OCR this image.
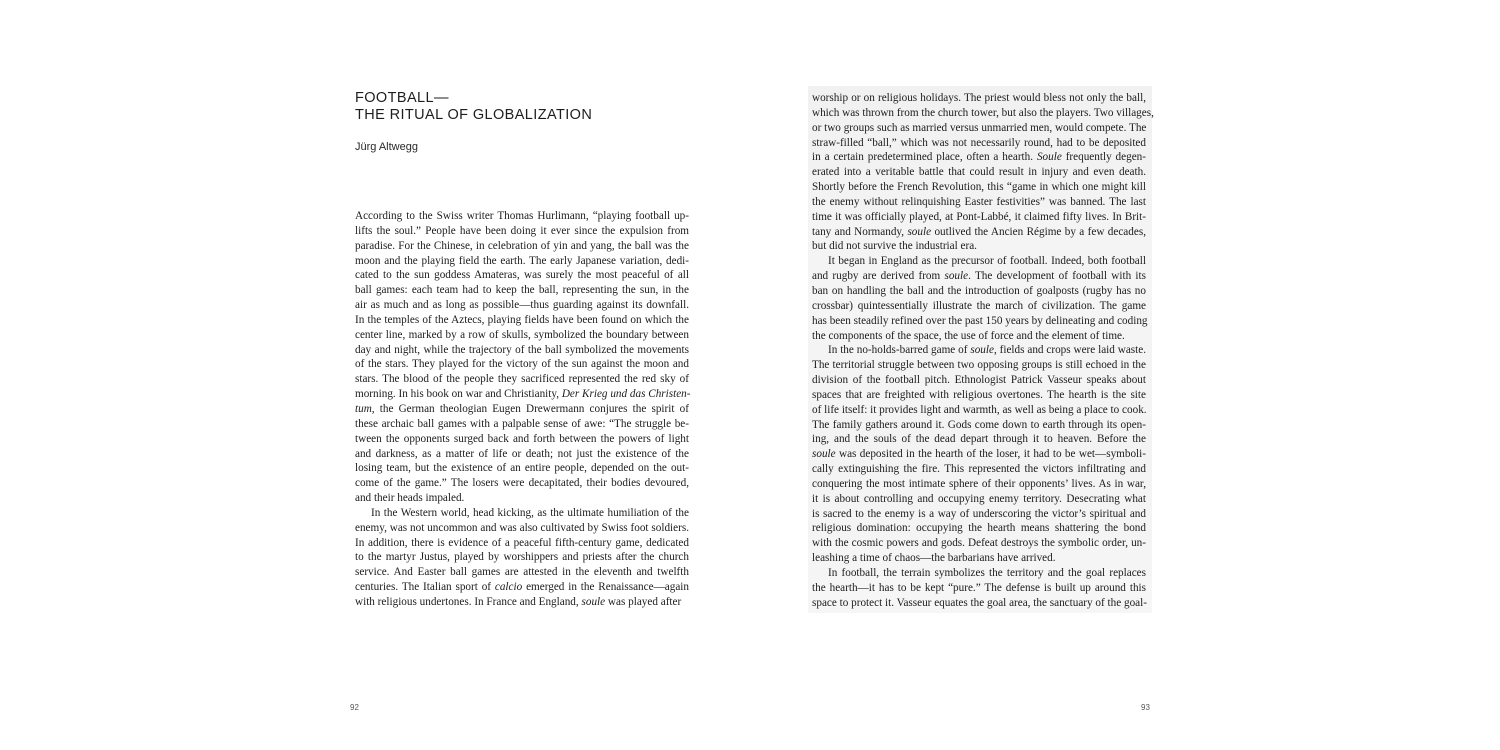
FOOTBALL—
THE RITUAL OF GLOBALIZATION

Jürg Altwegg

According to the Swiss writer Thomas Hurlimann, “playing football up-
lifts the soul.” People have been doing it ever since the expulsion from
paradise. For the Chinese, in celebration of yin and yang, the ball was the
moon and the playing field the earth. The early Japanese variation, dedi-
cated to the sun goddess Amateras, was surely the most peaceful of all
ball games: each team had to keep the ball, representing the sun, in the
air as much and as long as possible—thus guarding against its downfall.
In the temples of the Aztecs, playing fields have been found on which the
center line, marked by a row of skulls, symbolized the boundary between
day and night, while the trajectory of the ball symbolized the movements
of the stars. They played for the victory of the sun against the moon and
stars. The blood of the people they sacrificed represented the red sky of
morning. In his book on war and Christianity, Der Krieg und das Christen-
tum, the German theologian Eugen Drewermann conjures the spirit of
these archaic ball games with a palpable sense of awe: “The struggle be-
tween the opponents surged back and forth between the powers of light
and darkness, as a matter of life or death; not just the existence of the
losing team, but the existence of an entire people, depended on the out-
come of the game.” The losers were decapitated, their bodies devoured,
and their heads impaled.
In the Western world, head kicking, as the ultimate humiliation of the
enemy, was not uncommon and was also cultivated by Swiss foot soldiers.
In addition, there is evidence of a peaceful fifth-century game, dedicated
to the martyr Justus, played by worshippers and priests after the church
service. And Easter ball games are attested in the eleventh and twelfth
centuries. The Italian sport of calcio emerged in the Renaissance—again
with religious undertones. In France and England, soule was played after
92
worship or on religious holidays. The priest would bless not only the ball,
which was thrown from the church tower, but also the players. Two villages,
or two groups such as married versus unmarried men, would compete. The
straw-filled “ball,” which was not necessarily round, had to be deposited
in a certain predetermined place, often a hearth. Soule frequently degen-
erated into a veritable battle that could result in injury and even death.
Shortly before the French Revolution, this “game in which one might kill
the enemy without relinquishing Easter festivities” was banned. The last
time it was officially played, at Pont-Labbé, it claimed fifty lives. In Brit-
tany and Normandy, soule outlived the Ancien Régime by a few decades,
but did not survive the industrial era.
It began in England as the precursor of football. Indeed, both football
and rugby are derived from soule. The development of football with its
ban on handling the ball and the introduction of goalposts (rugby has no
crossbar) quintessentially illustrate the march of civilization. The game
has been steadily refined over the past 150 years by delineating and coding
the components of the space, the use of force and the element of time.
In the no-holds-barred game of soule, fields and crops were laid waste.
The territorial struggle between two opposing groups is still echoed in the
division of the football pitch. Ethnologist Patrick Vasseur speaks about
spaces that are freighted with religious overtones. The hearth is the site
of life itself: it provides light and warmth, as well as being a place to cook.
The family gathers around it. Gods come down to earth through its open-
ing, and the souls of the dead depart through it to heaven. Before the
soule was deposited in the hearth of the loser, it had to be wet—symboli-
cally extinguishing the fire. This represented the victors infiltrating and
conquering the most intimate sphere of their opponents’ lives. As in war,
it is about controlling and occupying enemy territory. Desecrating what
is sacred to the enemy is a way of underscoring the victor’s spiritual and
religious domination: occupying the hearth means shattering the bond
with the cosmic powers and gods. Defeat destroys the symbolic order, un-
leashing a time of chaos—the barbarians have arrived.
In football, the terrain symbolizes the territory and the goal replaces
the hearth—it has to be kept “pure.” The defense is built up around this
space to protect it. Vasseur equates the goal area, the sanctuary of the goal-
93
